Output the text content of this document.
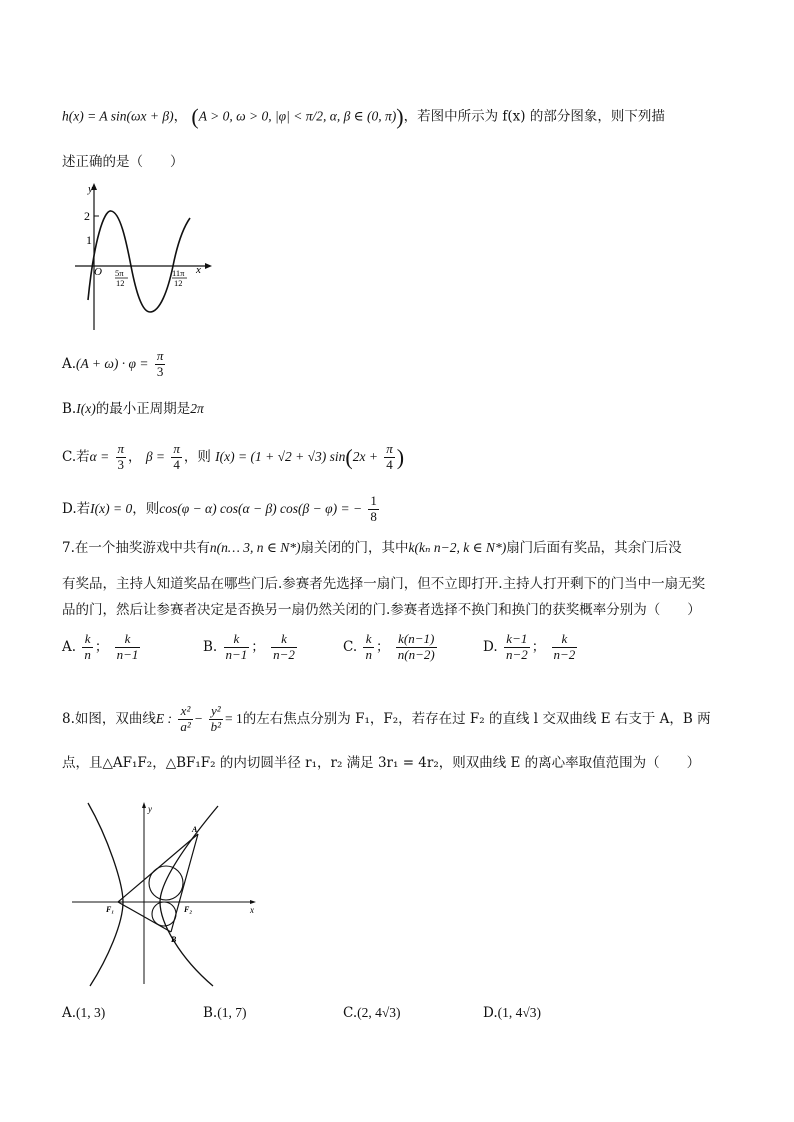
h(x) = A sin(ωx + β)， (A > 0, ω > 0, |φ| < π/2, α, β ∈ (0, π))，若图中所示为 f(x) 的部分图象，则下列描
述正确的是（　　）
y
x
O
2
1
5π
12
11π
12
$A.(A + \omega) \cdot \varphi = \frac{\pi}{3}$
B.I(x)的最小正周期是2π
C.若$\alpha = \frac{\pi}{3}$ ， $\beta = \frac{\pi}{4}$ ，则 I(x) = (1 + √2 + √3) $\sin(2x + \frac{\pi}{4}$ )
D.若I(x) = 0，则cos(φ − α) cos(α − β) cos(β − φ) = − $\frac{1}{8}$
7.在一个抽奖游戏中共有n(n… 3, n ∈ N*)扇关闭的门，其中k(kₙ n−2, k ∈ N*)扇门后面有奖品，其余门后没
有奖品，主持人知道奖品在哪些门后.参赛者先选择一扇门，但不立即打开.主持人打开剩下的门当中一扇无奖
品的门，然后让参赛者决定是否换另一扇仍然关闭的门.参赛者选择不换门和换门的获奖概率分别为（　　）
A. $\frac{k}{n}$ ； $\frac{k}{n-1}$	B. $\frac{k}{n-1}$ ； $\frac{k}{n-2}$	C. $\frac{k}{n}$ ； $\frac{k(n-1)}{n(n-2)}$	D. $\frac{k-1}{n-2}$ ； $\frac{k}{n-2}$
8.如图，双曲线E : $\frac{\text{x²}}{\text{a²}} - \frac{\text{y²}}{\text{b²}} = 1$的左右焦点分别为 F₁，F₂，若存在过 F₂ 的直线 l 交双曲线 E 右支于 A，B 两
点，且△AF₁F₂，△BF₁F₂ 的内切圆半径 r₁，r₂ 满足 3r₁ = 4r₂，则双曲线 E 的离心率取值范围为（　　）
y
x
A
B
F₁	F₂
A.(1, 3)	B.(1, 7)	C.(2, 4√3)	D.(1, 4√3)
